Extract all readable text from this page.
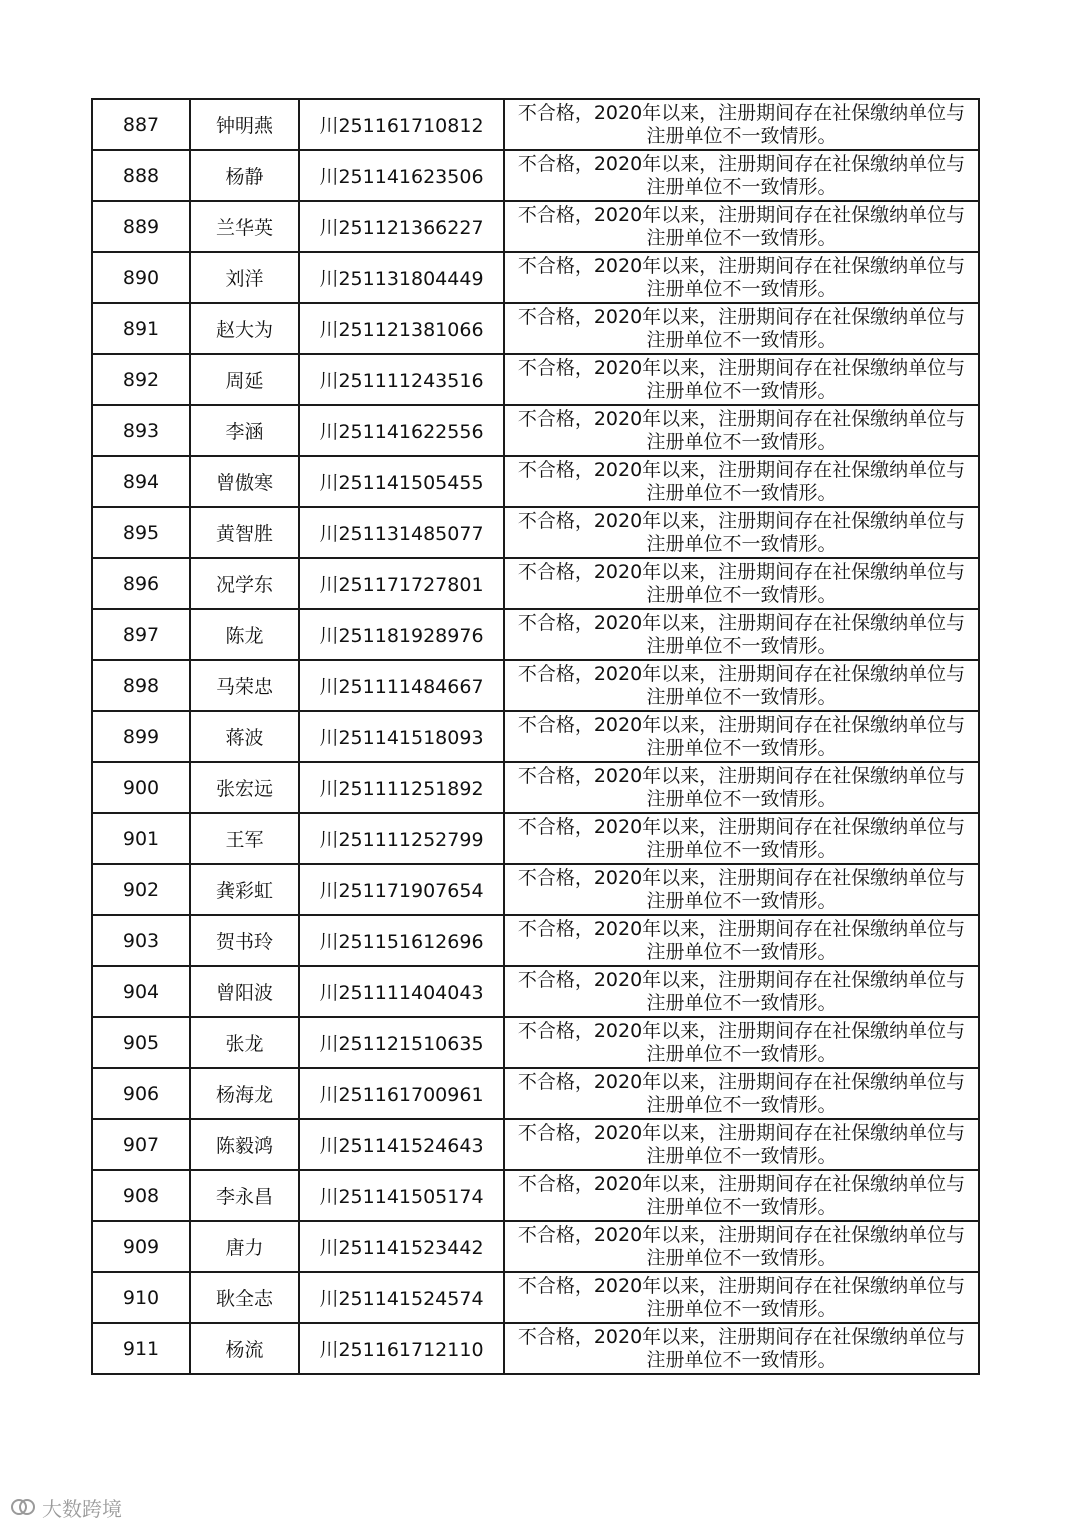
887	钟明燕	川251161710812	不合格，2020年以来，注册期间存在社保缴纳单位与
注册单位不一致情形。

888	杨静	川251141623506	不合格，2020年以来，注册期间存在社保缴纳单位与
注册单位不一致情形。

889	兰华英	川251121366227	不合格，2020年以来，注册期间存在社保缴纳单位与
注册单位不一致情形。

890	刘洋	川251131804449	不合格，2020年以来，注册期间存在社保缴纳单位与
注册单位不一致情形。

891	赵大为	川251121381066	不合格，2020年以来，注册期间存在社保缴纳单位与
注册单位不一致情形。

892	周延	川251111243516	不合格，2020年以来，注册期间存在社保缴纳单位与
注册单位不一致情形。

893	李涵	川251141622556	不合格，2020年以来，注册期间存在社保缴纳单位与
注册单位不一致情形。

894	曾傲寒	川251141505455	不合格，2020年以来，注册期间存在社保缴纳单位与
注册单位不一致情形。

895	黄智胜	川251131485077	不合格，2020年以来，注册期间存在社保缴纳单位与
注册单位不一致情形。

896	况学东	川251171727801	不合格，2020年以来，注册期间存在社保缴纳单位与
注册单位不一致情形。

897	陈龙	川251181928976	不合格，2020年以来，注册期间存在社保缴纳单位与
注册单位不一致情形。

898	马荣忠	川251111484667	不合格，2020年以来，注册期间存在社保缴纳单位与
注册单位不一致情形。

899	蒋波	川251141518093	不合格，2020年以来，注册期间存在社保缴纳单位与
注册单位不一致情形。

900	张宏远	川251111251892	不合格，2020年以来，注册期间存在社保缴纳单位与
注册单位不一致情形。

901	王军	川251111252799	不合格，2020年以来，注册期间存在社保缴纳单位与
注册单位不一致情形。

902	龚彩虹	川251171907654	不合格，2020年以来，注册期间存在社保缴纳单位与
注册单位不一致情形。

903	贺书玲	川251151612696	不合格，2020年以来，注册期间存在社保缴纳单位与
注册单位不一致情形。

904	曾阳波	川251111404043	不合格，2020年以来，注册期间存在社保缴纳单位与
注册单位不一致情形。

905	张龙	川251121510635	不合格，2020年以来，注册期间存在社保缴纳单位与
注册单位不一致情形。

906	杨海龙	川251161700961	不合格，2020年以来，注册期间存在社保缴纳单位与
注册单位不一致情形。

907	陈毅鸿	川251141524643	不合格，2020年以来，注册期间存在社保缴纳单位与
注册单位不一致情形。

908	李永昌	川251141505174	不合格，2020年以来，注册期间存在社保缴纳单位与
注册单位不一致情形。

909	唐力	川251141523442	不合格，2020年以来，注册期间存在社保缴纳单位与
注册单位不一致情形。

910	耿全志	川251141524574	不合格，2020年以来，注册期间存在社保缴纳单位与
注册单位不一致情形。

911	杨流	川251161712110	不合格，2020年以来，注册期间存在社保缴纳单位与
注册单位不一致情形。
大数跨境
